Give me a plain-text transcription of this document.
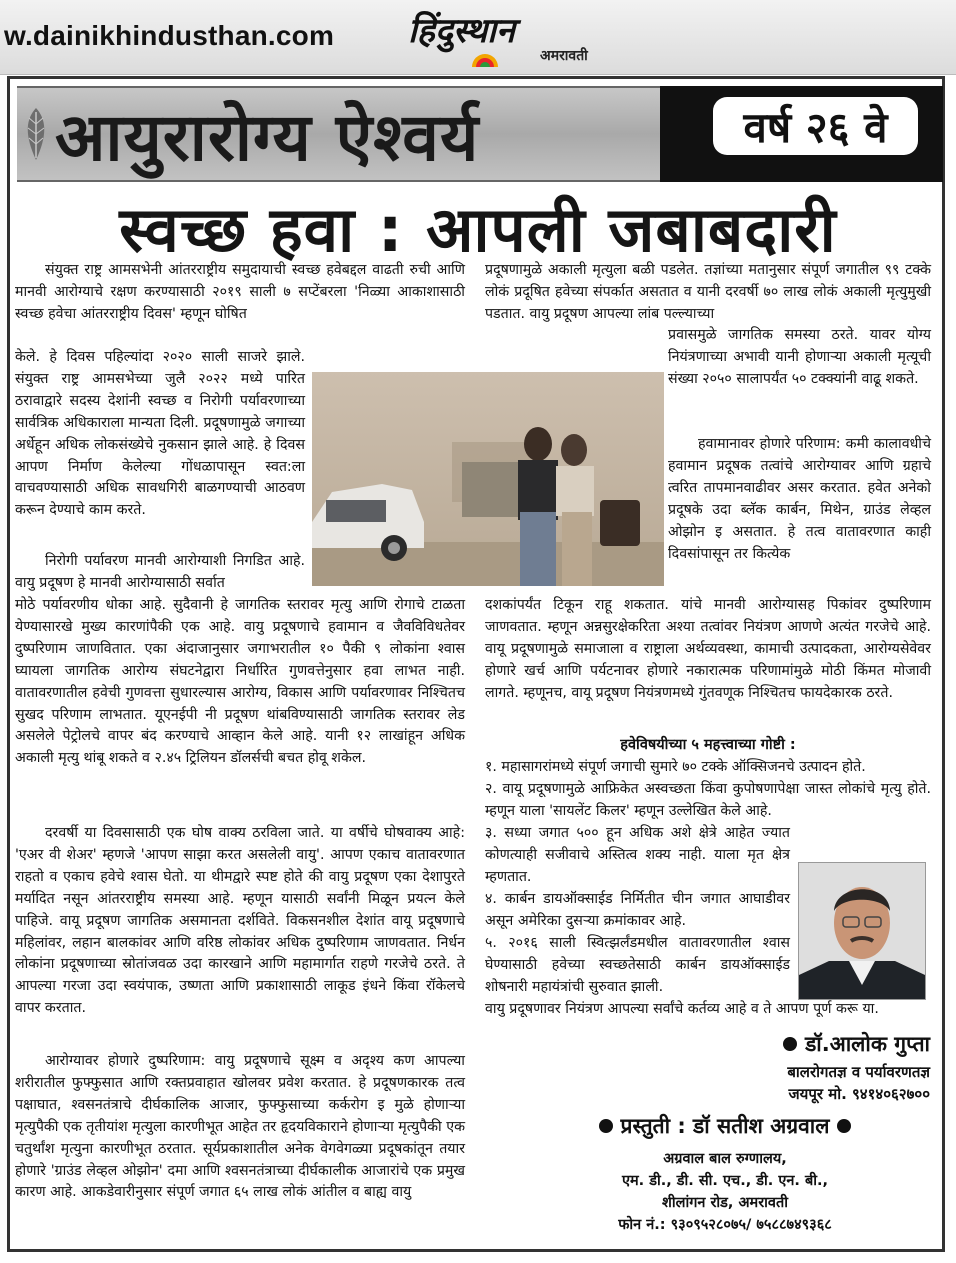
w.dainikhindusthan.com हिंदुस्थान
अमरावती
आयुरारोग्य ऐश्वर्य	वर्ष २६ वे
स्वच्छ हवा : आपली जबाबदारी

संयुक्त राष्ट्र आमसभेनी आंतरराष्ट्रीय समुदायाची स्वच्छ हवेबद्दल वाढती रुची आणि मानवी आरोग्याचे रक्षण करण्यासाठी २०१९ साली ७ सप्टेंबरला 'निळ्या आकाशासाठी स्वच्छ हवेचा आंतरराष्ट्रीय दिवस' म्हणून घोषित

केले. हे दिवस पहिल्यांदा २०२० साली साजरे झाले. संयुक्त राष्ट्र आमसभेच्या जुलै २०२२ मध्ये पारित ठरावाद्वारे सदस्य देशांनी स्वच्छ व निरोगी पर्यावरणाच्या सार्वत्रिक अधिकाराला मान्यता दिली. प्रदूषणामुळे जगाच्या अर्धेहून अधिक लोकसंख्येचे नुकसान झाले आहे. हे दिवस आपण निर्माण केलेल्या गोंधळापासून स्वत:ला वाचवण्यासाठी अधिक सावधगिरी बाळगण्याची आठवण करून देण्याचे काम करते.

निरोगी पर्यावरण मानवी आरोग्याशी निगडित आहे. वायु प्रदूषण हे मानवी आरोग्यासाठी सर्वात

मोठे पर्यावरणीय धोका आहे. सुदैवानी हे जागतिक स्तरावर मृत्यु आणि रोगाचे टाळता येण्यासारखे मुख्य कारणांपैकी एक आहे. वायु प्रदूषणाचे हवामान व जैवविविधतेवर दुष्परिणाम जाणवितात. एका अंदाजानुसार जगाभरातील १० पैकी ९ लोकांना श्वास घ्यायला जागतिक आरोग्य संघटनेद्वारा निर्धारित गुणवत्तेनुसार हवा लाभत नाही. वातावरणातील हवेची गुणवत्ता सुधारल्यास आरोग्य, विकास आणि पर्यावरणावर निश्चितच सुखद परिणाम लाभतात. यूएनईपी नी प्रदूषण थांबविण्यासाठी जागतिक स्तरावर लेड असलेले पेट्रोलचे वापर बंद करण्याचे आव्हान केले आहे. यानी १२ लाखांहून अधिक अकाली मृत्यु थांबू शकते व २.४५ ट्रिलियन डॉलर्सची बचत होवू शकेल.

दरवर्षी या दिवसासाठी एक घोष वाक्य ठरविला जाते. या वर्षीचे घोषवाक्य आहे: 'एअर वी शेअर' म्हणजे 'आपण साझा करत असलेली वायु'. आपण एकाच वातावरणात राहतो व एकाच हवेचे श्वास घेतो. या थीमद्वारे स्पष्ट होते की वायु प्रदूषण एका देशापुरते मर्यादित नसून आंतरराष्ट्रीय समस्या आहे. म्हणून यासाठी सर्वांनी मिळून प्रयत्न केले पाहिजे. वायू प्रदूषण जागतिक असमानता दर्शविते. विकसनशील देशांत वायू प्रदूषणाचे महिलांवर, लहान बालकांवर आणि वरिष्ठ लोकांवर अधिक दुष्परिणाम जाणवतात. निर्धन लोकांना प्रदूषणाच्या स्रोतांजवळ उदा कारखाने आणि महामार्गात राहणे गरजेचे ठरते. ते आपल्या गरजा उदा स्वयंपाक, उष्णता आणि प्रकाशासाठी लाकूड इंधने किंवा रॉकेलचे वापर करतात.

आरोग्यावर होणारे दुष्परिणाम: वायु प्रदूषणाचे सूक्ष्म व अदृश्य कण आपल्या शरीरातील फुफ्फुसात आणि रक्तप्रवाहात खोलवर प्रवेश करतात. हे प्रदूषणकारक तत्व पक्षाघात, श्वसनतंत्राचे दीर्घकालिक आजार, फुफ्फुसाच्या कर्करोग इ मुळे होणाऱ्या मृत्युपैकी एक तृतीयांश मृत्युला कारणीभूत आहेत तर हृदयविकाराने होणाऱ्या मृत्युपैकी एक चतुर्थांश मृत्युना कारणीभूत ठरतात. सूर्यप्रकाशातील अनेक वेगवेगळ्या प्रदूषकांतून तयार होणारे 'ग्राउंड लेव्हल ओझोन' दमा आणि श्वसनतंत्राच्या दीर्घकालीक आजारांचे एक प्रमुख कारण आहे. आकडेवारीनुसार संपूर्ण जगात ६५ लाख लोकं आंतील व बाह्य वायु

प्रदूषणामुळे अकाली मृत्युला बळी पडलेत. तज्ञांच्या मतानुसार संपूर्ण जगातील ९९ टक्के लोकं प्रदूषित हवेच्या संपर्कात असतात व यानी दरवर्षी ७० लाख लोकं अकाली मृत्युमुखी पडतात. वायु प्रदूषण आपल्या लांब पल्ल्याच्या

प्रवासमुळे जागतिक समस्या ठरते. यावर योग्य नियंत्रणाच्या अभावी यानी होणाऱ्या अकाली मृत्यूची संख्या २०५० सालापर्यंत ५० टक्क्यांनी वाढू शकते.

हवामानावर होणारे परिणाम: कमी कालावधीचे हवामान प्रदूषक तत्वांचे आरोग्यावर आणि ग्रहाचे त्वरित तापमानवाढीवर असर करतात. हवेत अनेको प्रदूषके उदा ब्लॅक कार्बन, मिथेन, ग्राउंड लेव्हल ओझोन इ असतात. हे तत्व वातावरणात काही दिवसांपासून तर कित्येक

दशकांपर्यंत टिकून राहू शकतात. यांचे मानवी आरोग्यासह पिकांवर दुष्परिणाम जाणवतात. म्हणून अन्नसुरक्षेकरिता अश्या तत्वांवर नियंत्रण आणणे अत्यंत गरजेचे आहे. वायू प्रदूषणामुळे समाजाला व राष्ट्राला अर्थव्यवस्था, कामाची उत्पादकता, आरोग्यसेवेवर होणारे खर्च आणि पर्यटनावर होणारे नकारात्मक परिणामांमुळे मोठी किंमत मोजावी लागते. म्हणूनच, वायू प्रदूषण नियंत्रणमध्ये गुंतवणूक निश्चितच फायदेकारक ठरते.

हवेविषयीच्या ५ महत्त्वाच्या गोष्टी :

१. महासागरांमध्ये संपूर्ण जगाची सुमारे ७० टक्के ऑक्सिजनचे उत्पादन होते.

२. वायू प्रदूषणामुळे आफ्रिकेत अस्वच्छता किंवा कुपोषणापेक्षा जास्त लोकांचे मृत्यु होते. म्हणून याला 'सायलेंट किलर' म्हणून उल्लेखित केले आहे.

३. सध्या जगात ५०० हून अधिक अशे क्षेत्रे आहेत ज्यात कोणत्याही सजीवाचे अस्तित्व शक्य नाही. याला मृत क्षेत्र म्हणतात.

४. कार्बन डायऑक्साईड निर्मितीत चीन जगात आघाडीवर असून अमेरिका दुसऱ्या क्रमांकावर आहे.

५. २०१६ साली स्वित्झर्लंडमधील वातावरणातील श्वास घेण्यासाठी हवेच्या स्वच्छतेसाठी कार्बन डायऑक्साईड शोषनारी महायंत्रांची सुरुवात झाली.

वायु प्रदूषणावर नियंत्रण आपल्या सर्वांचे कर्तव्य आहे व ते आपण पूर्ण करू या.

डॉ.आलोक गुप्ता
बालरोगतज्ञ व पर्यावरणतज्ञ
जयपूर मो. ९४१४०६२७००
प्रस्तुती : डॉ सतीश अग्रवाल
अग्रवाल बाल रुग्णालय,
एम. डी., डी. सी. एच., डी. एन. बी.,
शीलांगन रोड, अमरावती
फोन नं.: ९३०९५२८०७५/ ७५८८७४९३६८
